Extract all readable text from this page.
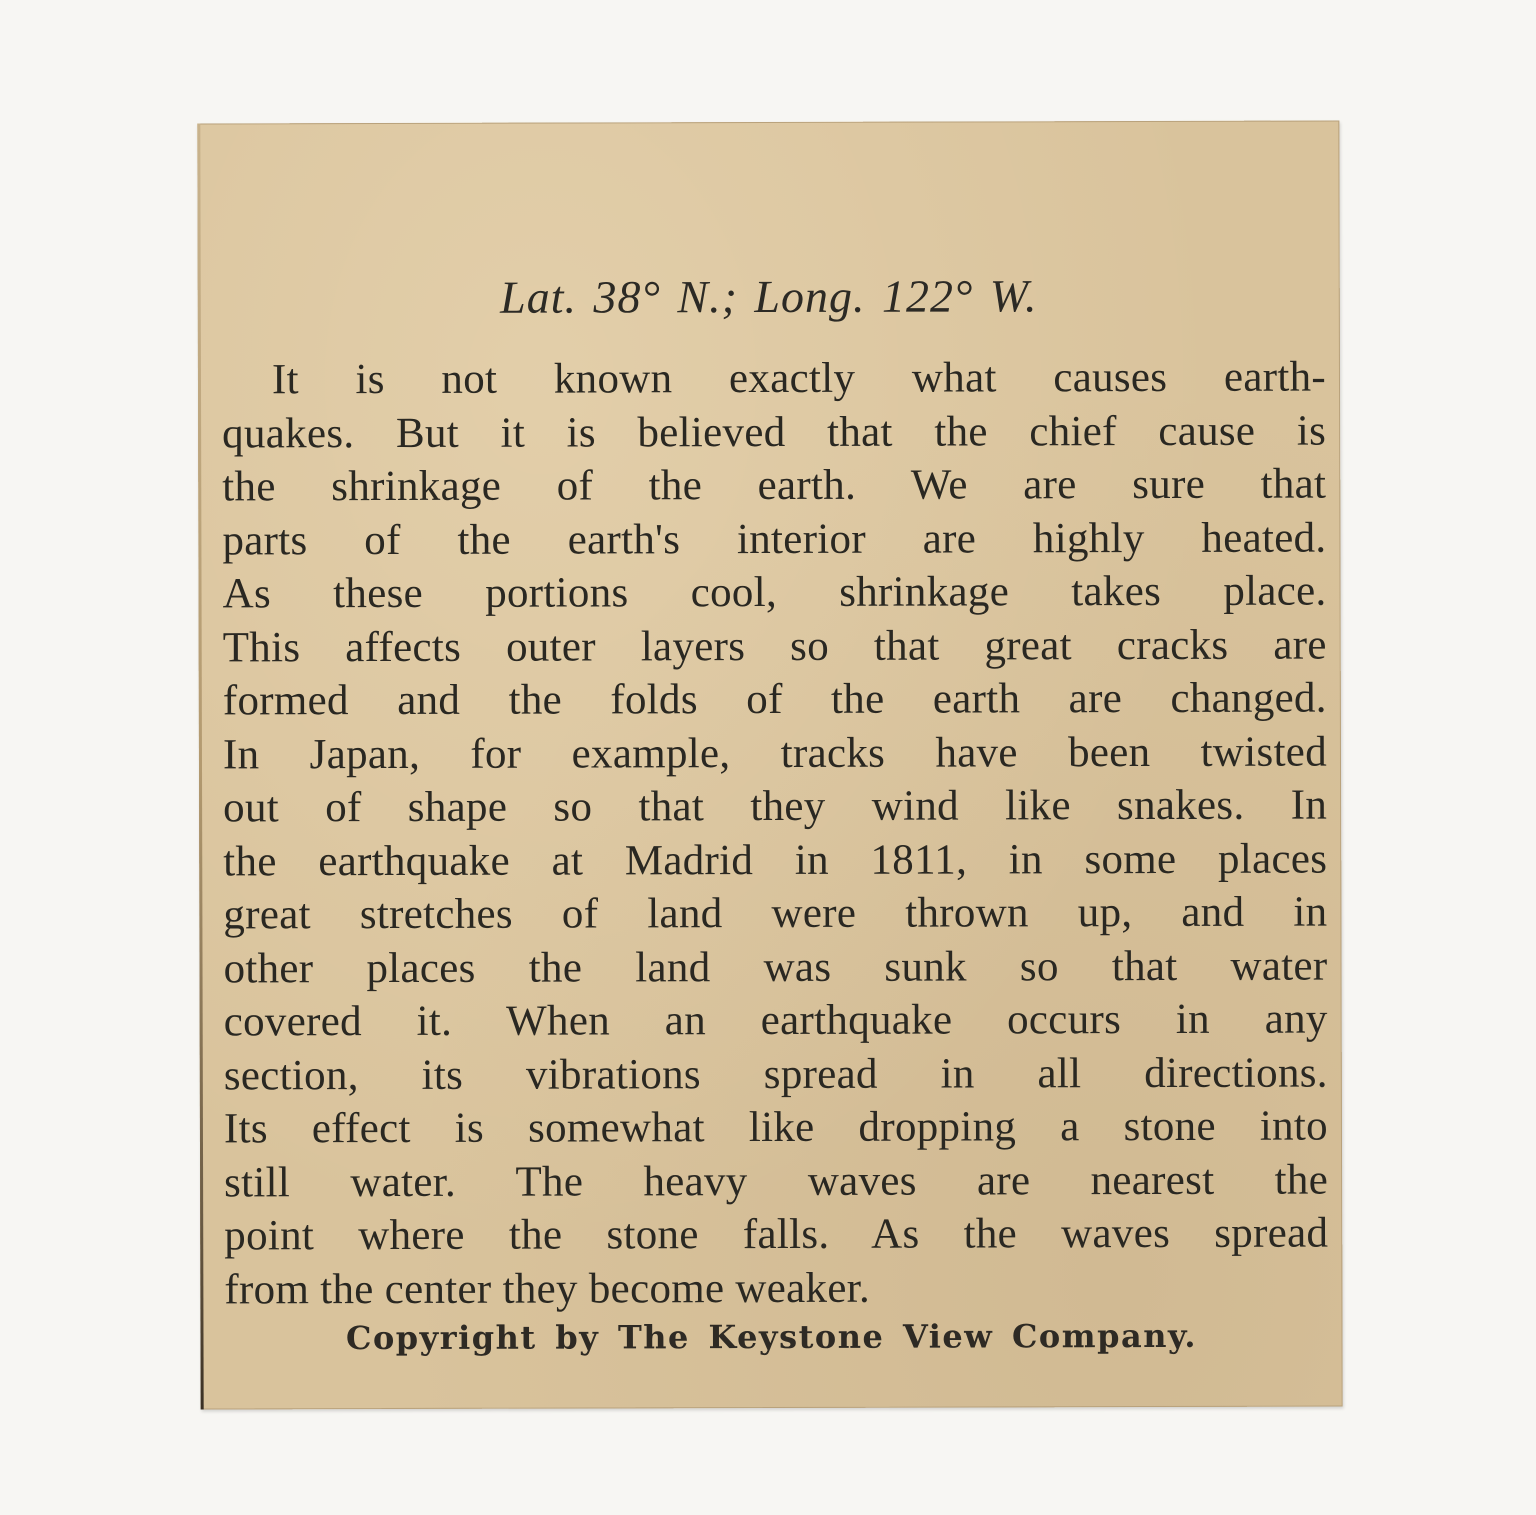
Lat. 38° N.; Long. 122° W.
It is not known exactly what causes earth-
quakes. But it is believed that the chief cause is
the shrinkage of the earth. We are sure that
parts of the earth's interior are highly heated.
As these portions cool, shrinkage takes place.
This affects outer layers so that great cracks are
formed and the folds of the earth are changed.
In Japan, for example, tracks have been twisted
out of shape so that they wind like snakes. In
the earthquake at Madrid in 1811, in some places
great stretches of land were thrown up, and in
other places the land was sunk so that water
covered it. When an earthquake occurs in any
section, its vibrations spread in all directions.
Its effect is somewhat like dropping a stone into
still water. The heavy waves are nearest the
point where the stone falls. As the waves spread
from the center they become weaker.
Copyright by The Keystone View Company.
